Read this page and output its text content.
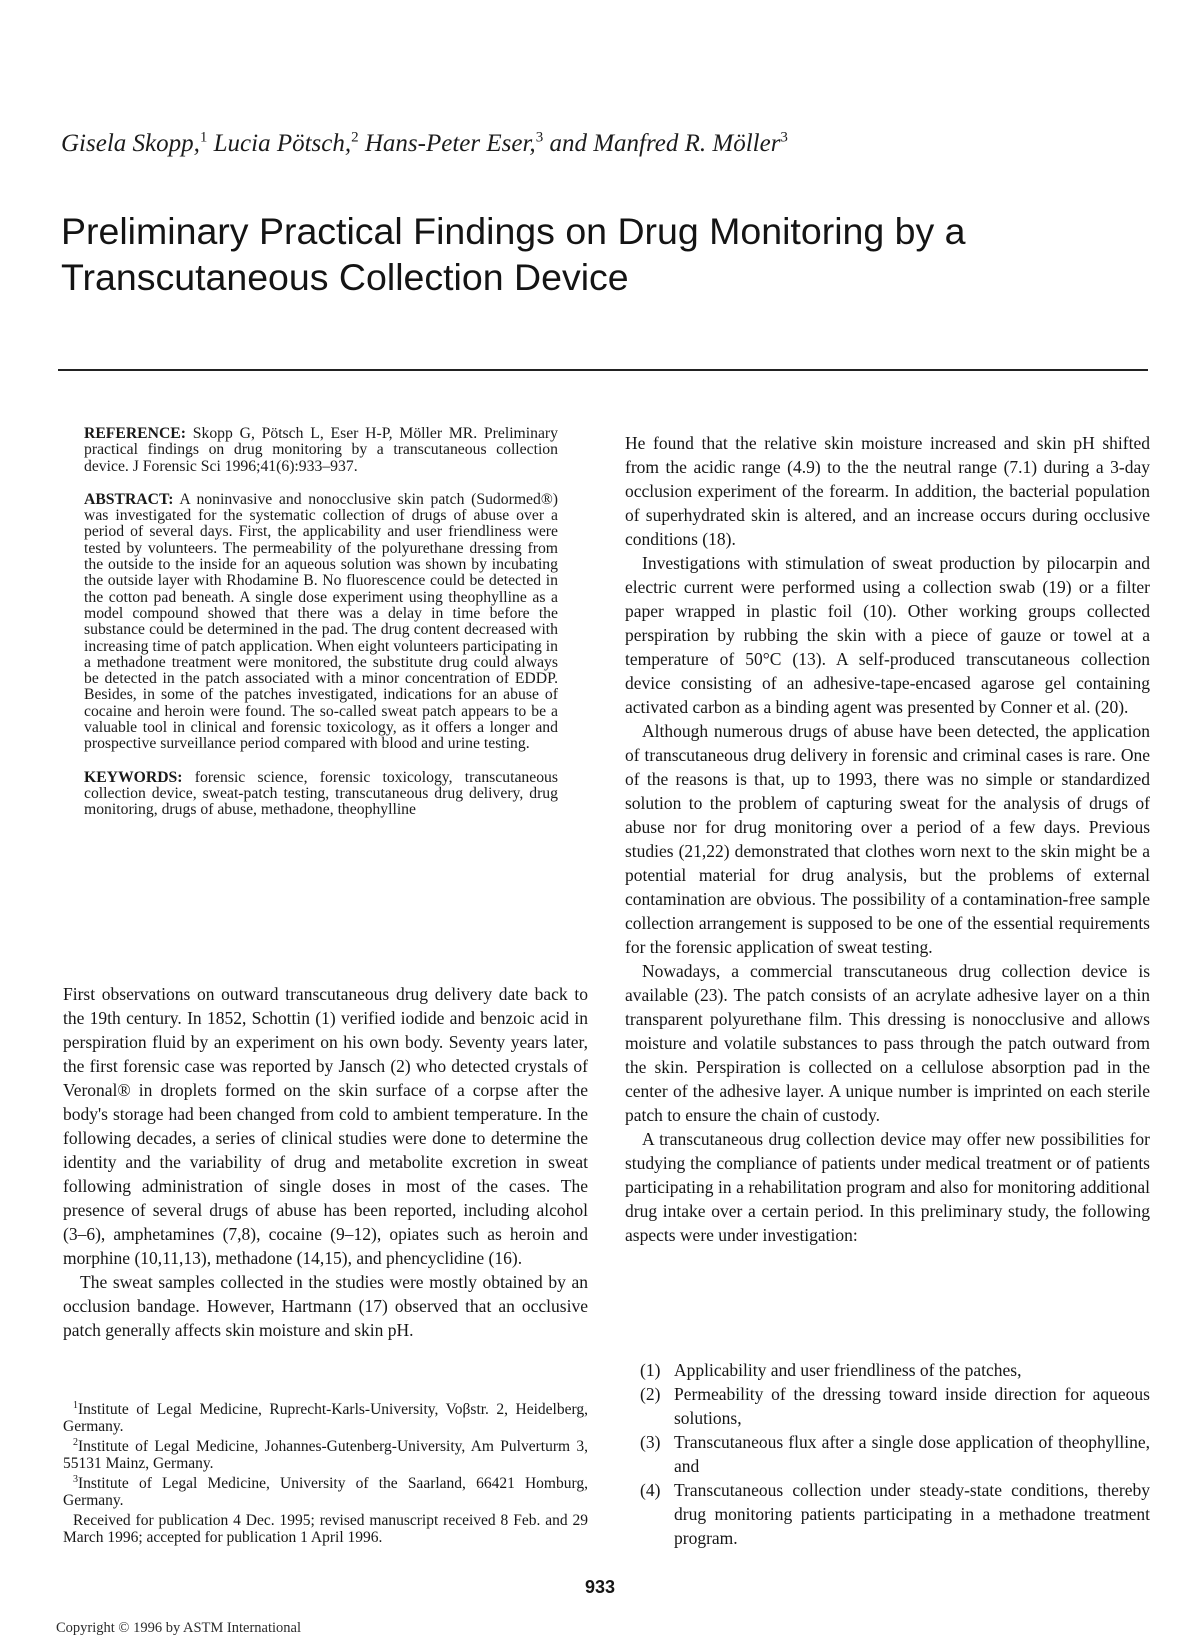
Gisela Skopp,$^1$ Lucia Pötsch,$^2$ Hans-Peter Eser,$^3$ and Manfred R. Möller$^3$
Preliminary Practical Findings on Drug Monitoring by a Transcutaneous Collection Device

REFERENCE: Skopp G, Pötsch L, Eser H-P, Möller MR. Preliminary practical findings on drug monitoring by a transcutaneous collection device. J Forensic Sci 1996;41(6):933–937.

ABSTRACT: A noninvasive and nonocclusive skin patch (Sudormed®) was investigated for the systematic collection of drugs of abuse over a period of several days. First, the applicability and user friendliness were tested by volunteers. The permeability of the polyurethane dressing from the outside to the inside for an aqueous solution was shown by incubating the outside layer with Rhodamine B. No fluorescence could be detected in the cotton pad beneath. A single dose experiment using theophylline as a model compound showed that there was a delay in time before the substance could be determined in the pad. The drug content decreased with increasing time of patch application. When eight volunteers participating in a methadone treatment were monitored, the substitute drug could always be detected in the patch associated with a minor concentration of EDDP. Besides, in some of the patches investigated, indications for an abuse of cocaine and heroin were found. The so-called sweat patch appears to be a valuable tool in clinical and forensic toxicology, as it offers a longer and prospective surveillance period compared with blood and urine testing.

KEYWORDS: forensic science, forensic toxicology, transcutaneous collection device, sweat-patch testing, transcutaneous drug delivery, drug monitoring, drugs of abuse, methadone, theophylline

First observations on outward transcutaneous drug delivery date back to the 19th century. In 1852, Schottin (1) verified iodide and benzoic acid in perspiration fluid by an experiment on his own body. Seventy years later, the first forensic case was reported by Jansch (2) who detected crystals of Veronal® in droplets formed on the skin surface of a corpse after the body's storage had been changed from cold to ambient temperature. In the following decades, a series of clinical studies were done to determine the identity and the variability of drug and metabolite excretion in sweat following administration of single doses in most of the cases. The presence of several drugs of abuse has been reported, including alcohol (3–6), amphetamines (7,8), cocaine (9–12), opiates such as heroin and morphine (10,11,13), methadone (14,15), and phencyclidine (16).

The sweat samples collected in the studies were mostly obtained by an occlusion bandage. However, Hartmann (17) observed that an occlusive patch generally affects skin moisture and skin pH.

$^1$Institute of Legal Medicine, Ruprecht-Karls-University, Voβstr. 2, Heidelberg, Germany.

$^2$Institute of Legal Medicine, Johannes-Gutenberg-University, Am Pulverturm 3, 55131 Mainz, Germany.

$^3$Institute of Legal Medicine, University of the Saarland, 66421 Homburg, Germany.

Received for publication 4 Dec. 1995; revised manuscript received 8 Feb. and 29 March 1996; accepted for publication 1 April 1996.

He found that the relative skin moisture increased and skin pH shifted from the acidic range (4.9) to the the neutral range (7.1) during a 3-day occlusion experiment of the forearm. In addition, the bacterial population of superhydrated skin is altered, and an increase occurs during occlusive conditions (18).

Investigations with stimulation of sweat production by pilocarpin and electric current were performed using a collection swab (19) or a filter paper wrapped in plastic foil (10). Other working groups collected perspiration by rubbing the skin with a piece of gauze or towel at a temperature of 50°C (13). A self-produced transcutaneous collection device consisting of an adhesive-tape-encased agarose gel containing activated carbon as a binding agent was presented by Conner et al. (20).

Although numerous drugs of abuse have been detected, the application of transcutaneous drug delivery in forensic and criminal cases is rare. One of the reasons is that, up to 1993, there was no simple or standardized solution to the problem of capturing sweat for the analysis of drugs of abuse nor for drug monitoring over a period of a few days. Previous studies (21,22) demonstrated that clothes worn next to the skin might be a potential material for drug analysis, but the problems of external contamination are obvious. The possibility of a contamination-free sample collection arrangement is supposed to be one of the essential requirements for the forensic application of sweat testing.

Nowadays, a commercial transcutaneous drug collection device is available (23). The patch consists of an acrylate adhesive layer on a thin transparent polyurethane film. This dressing is nonocclusive and allows moisture and volatile substances to pass through the patch outward from the skin. Perspiration is collected on a cellulose absorption pad in the center of the adhesive layer. A unique number is imprinted on each sterile patch to ensure the chain of custody.

A transcutaneous drug collection device may offer new possibilities for studying the compliance of patients under medical treatment or of patients participating in a rehabilitation program and also for monitoring additional drug intake over a certain period. In this preliminary study, the following aspects were under investigation:

(1) Applicability and user friendliness of the patches,
(2) Permeability of the dressing toward inside direction for aqueous solutions,
(3) Transcutaneous flux after a single dose application of theophylline, and
(4) Transcutaneous collection under steady-state conditions, thereby drug monitoring patients participating in a methadone treatment program.
933
Copyright © 1996 by ASTM International
